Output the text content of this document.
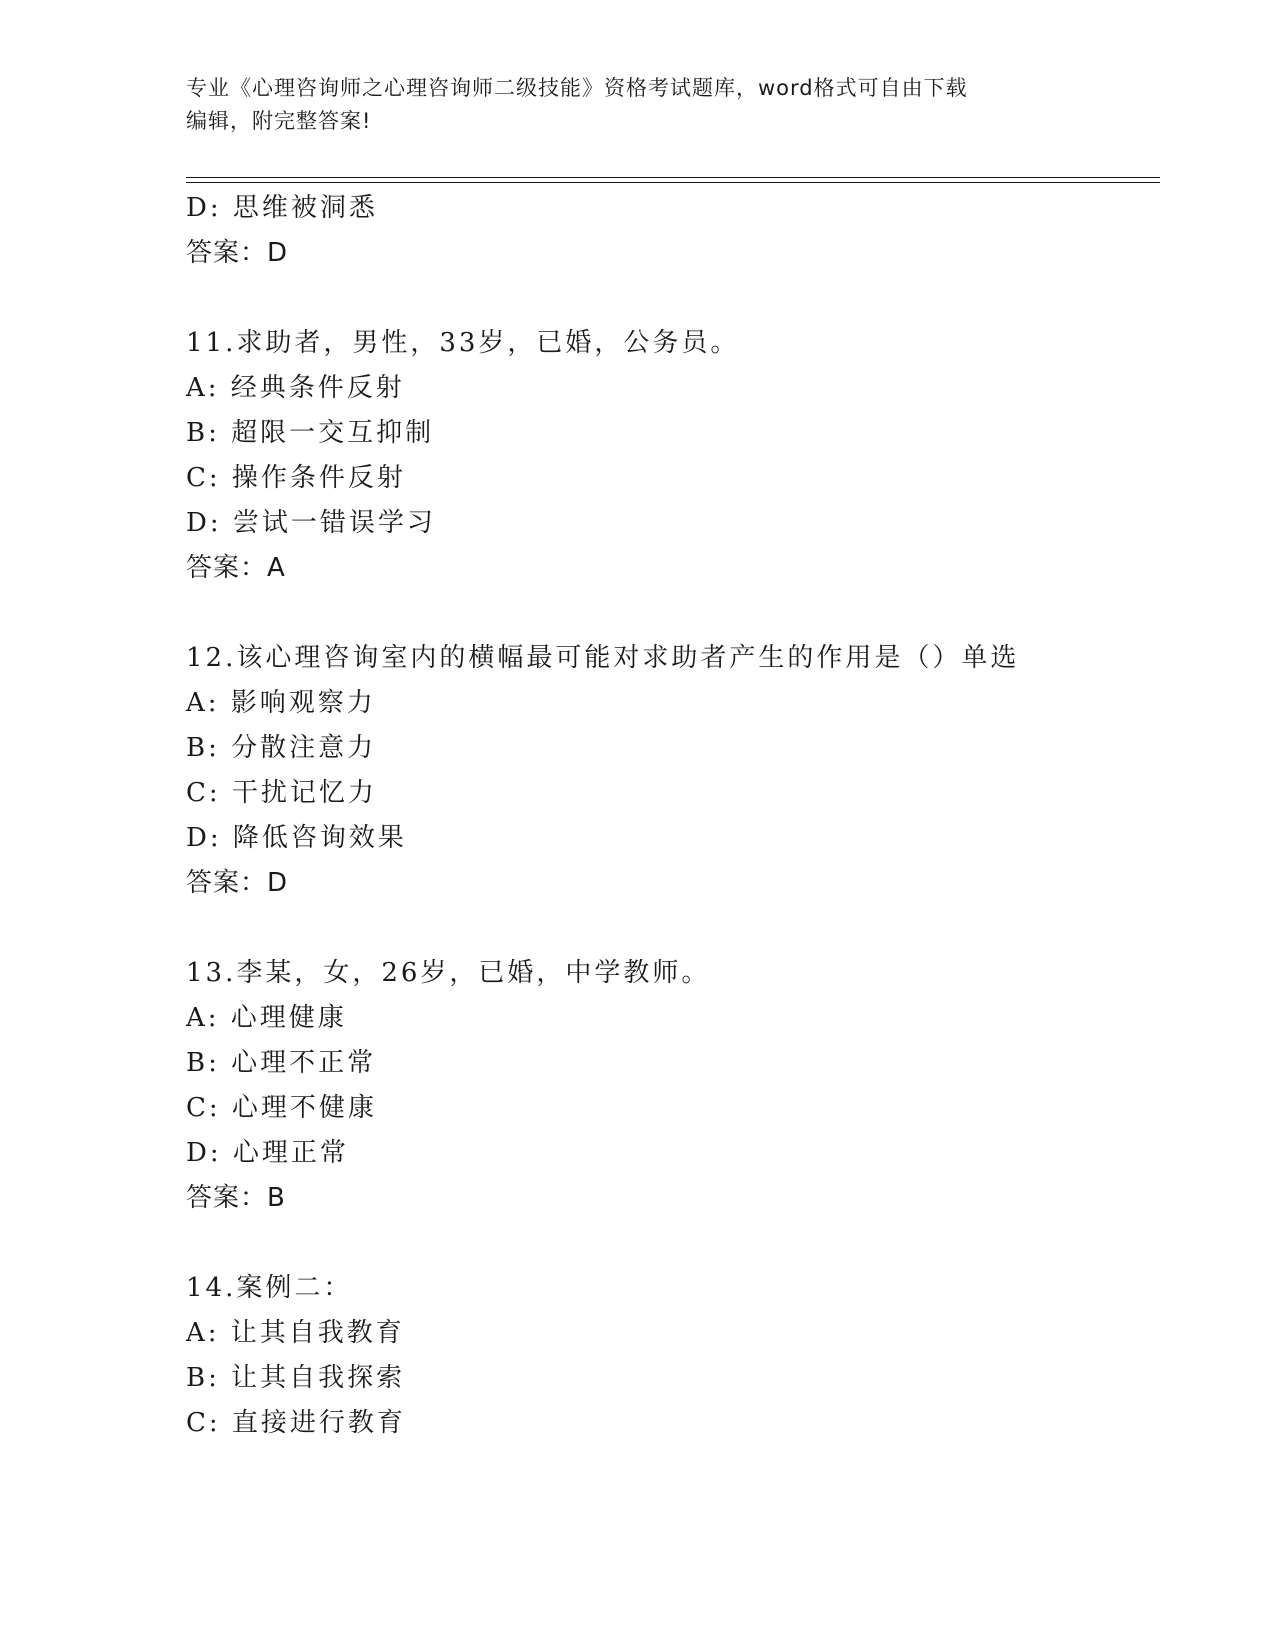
专业《心理咨询师之心理咨询师二级技能》资格考试题库，word格式可自由下载
编辑，附完整答案!
D: 思维被洞悉
答案：D
11.求助者，男性，33岁，已婚，公务员。
A: 经典条件反射
B: 超限一交互抑制
C: 操作条件反射
D: 尝试一错误学习
答案：A
12.该心理咨询室内的横幅最可能对求助者产生的作用是（）单选
A: 影响观察力
B: 分散注意力
C: 干扰记忆力
D: 降低咨询效果
答案：D
13.李某，女，26岁，已婚，中学教师。
A: 心理健康
B: 心理不正常
C: 心理不健康
D: 心理正常
答案：B
14.案例二：
A: 让其自我教育
B: 让其自我探索
C: 直接进行教育
